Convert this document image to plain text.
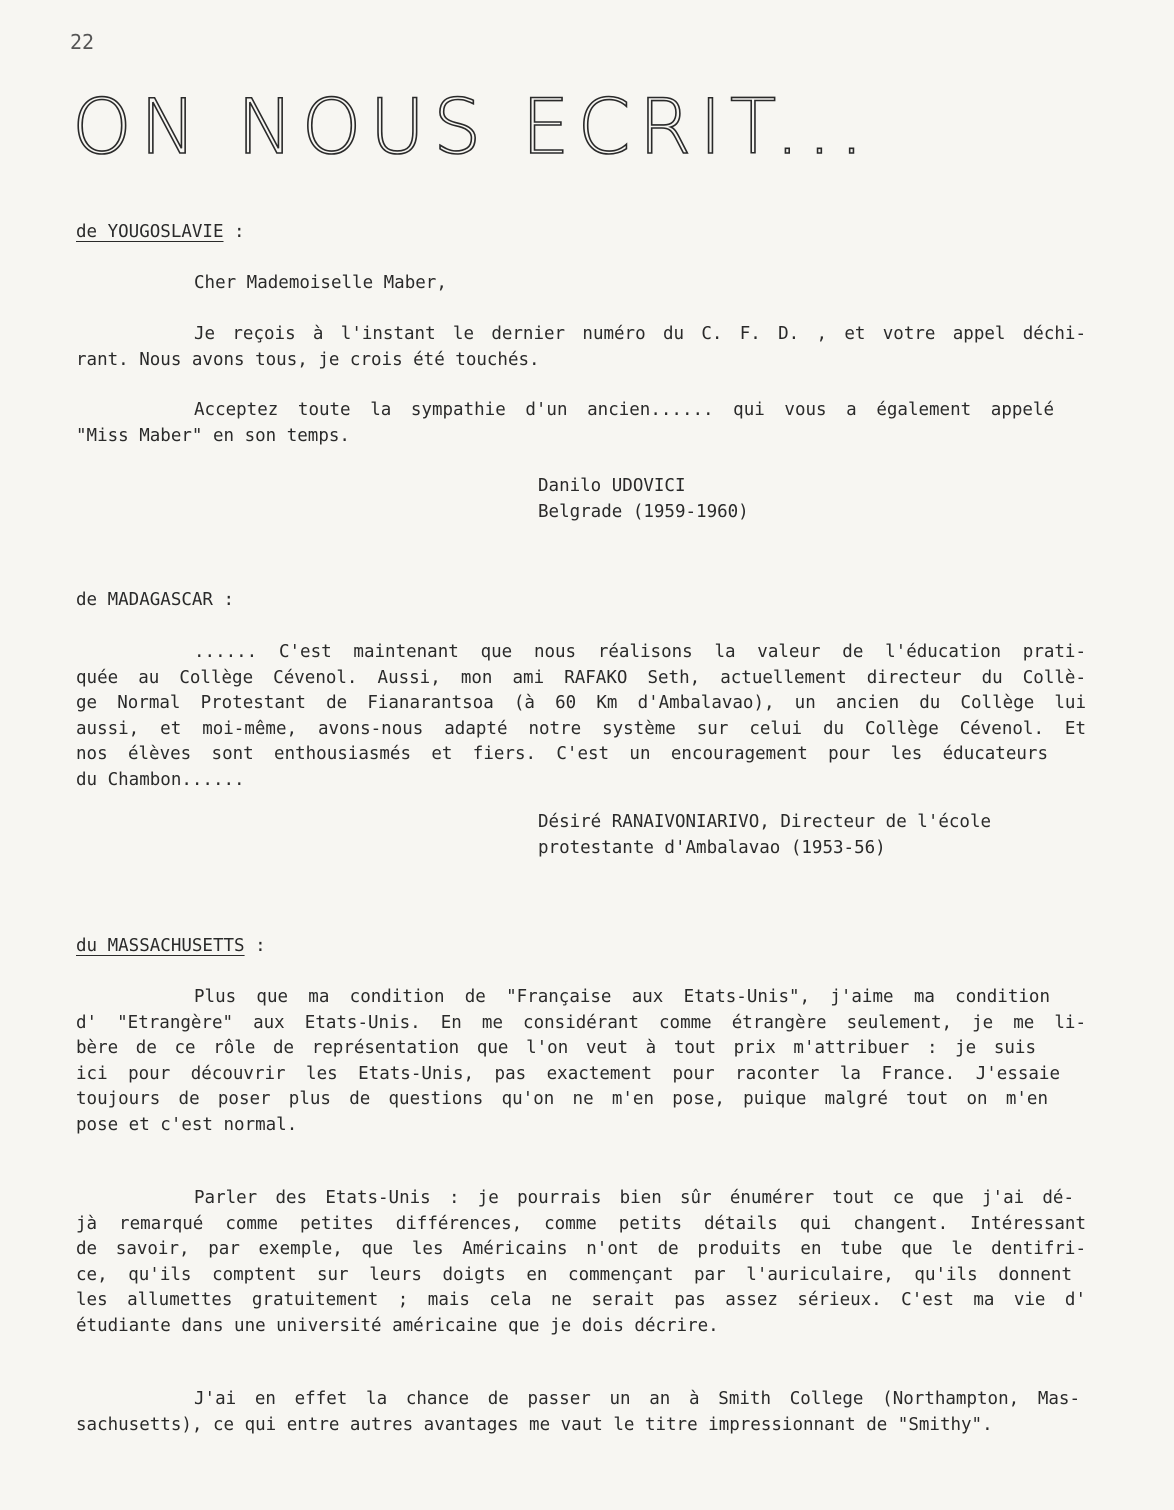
22
ON NOUS ECRIT...
de YOUGOSLAVIE :
Cher Mademoiselle Maber,
Je reçois à l'instant le dernier numéro du C. F. D. , et votre appel déchi-
rant. Nous avons tous, je crois été touchés.
Acceptez toute la sympathie d'un ancien...... qui vous a également appelé
"Miss Maber" en son temps.
Danilo UDOVICI
Belgrade (1959-1960)
de MADAGASCAR :
...... C'est maintenant que nous réalisons la valeur de l'éducation prati-
quée au Collège Cévenol. Aussi, mon ami RAFAKO Seth, actuellement directeur du Collè-
ge Normal Protestant de Fianarantsoa (à 60 Km d'Ambalavao), un ancien du Collège lui
aussi, et moi-même, avons-nous adapté notre système sur celui du Collège Cévenol. Et
nos élèves sont enthousiasmés et fiers. C'est un encouragement pour les éducateurs
du Chambon......
Désiré RANAIVONIARIVO, Directeur de l'école
protestante d'Ambalavao (1953-56)
du MASSACHUSETTS :
Plus que ma condition de "Française aux Etats-Unis", j'aime ma condition
d' "Etrangère" aux Etats-Unis. En me considérant comme étrangère seulement, je me li-
bère de ce rôle de représentation que l'on veut à tout prix m'attribuer : je suis
ici pour découvrir les Etats-Unis, pas exactement pour raconter la France. J'essaie
toujours de poser plus de questions qu'on ne m'en pose, puique malgré tout on m'en
pose et c'est normal.
Parler des Etats-Unis : je pourrais bien sûr énumérer tout ce que j'ai dé-
jà remarqué comme petites différences, comme petits détails qui changent. Intéressant
de savoir, par exemple, que les Américains n'ont de produits en tube que le dentifri-
ce, qu'ils comptent sur leurs doigts en commençant par l'auriculaire, qu'ils donnent
les allumettes gratuitement ; mais cela ne serait pas assez sérieux. C'est ma vie d'
étudiante dans une université américaine que je dois décrire.
J'ai en effet la chance de passer un an à Smith College (Northampton, Mas-
sachusetts), ce qui entre autres avantages me vaut le titre impressionnant de "Smithy".
